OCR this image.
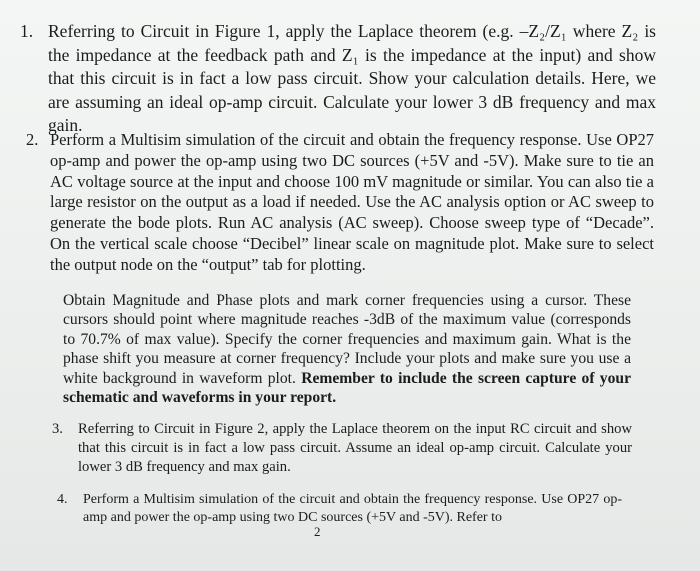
1. Referring to Circuit in Figure 1, apply the Laplace theorem (e.g. –Z₂/Z₁ where Z₂ is the impedance at the feedback path and Z₁ is the impedance at the input) and show that this circuit is in fact a low pass circuit. Show your calculation details. Here, we are assuming an ideal op-amp circuit. Calculate your lower 3 dB frequency and max gain.
2. Perform a Multisim simulation of the circuit and obtain the frequency response. Use OP27 op-amp and power the op-amp using two DC sources (+5V and -5V). Make sure to tie an AC voltage source at the input and choose 100 mV magnitude or similar. You can also tie a large resistor on the output as a load if needed. Use the AC analysis option or AC sweep to generate the bode plots. Run AC analysis (AC sweep). Choose sweep type of “Decade”. On the vertical scale choose “Decibel” linear scale on magnitude plot. Make sure to select the output node on the “output” tab for plotting.
Obtain Magnitude and Phase plots and mark corner frequencies using a cursor. These cursors should point where magnitude reaches -3dB of the maximum value (corresponds to 70.7% of max value). Specify the corner frequencies and maximum gain. What is the phase shift you measure at corner frequency? Include your plots and make sure you use a white background in waveform plot. Remember to include the screen capture of your schematic and waveforms in your report.
3.	Referring to Circuit in Figure 2, apply the Laplace theorem on the input RC circuit and show that this circuit is in fact a low pass circuit. Assume an ideal op-amp circuit. Calculate your lower 3 dB frequency and max gain.
4.	Perform a Multisim simulation of the circuit and obtain the frequency response. Use OP27 op-amp and power the op-amp using two DC sources (+5V and -5V). Refer to
2
